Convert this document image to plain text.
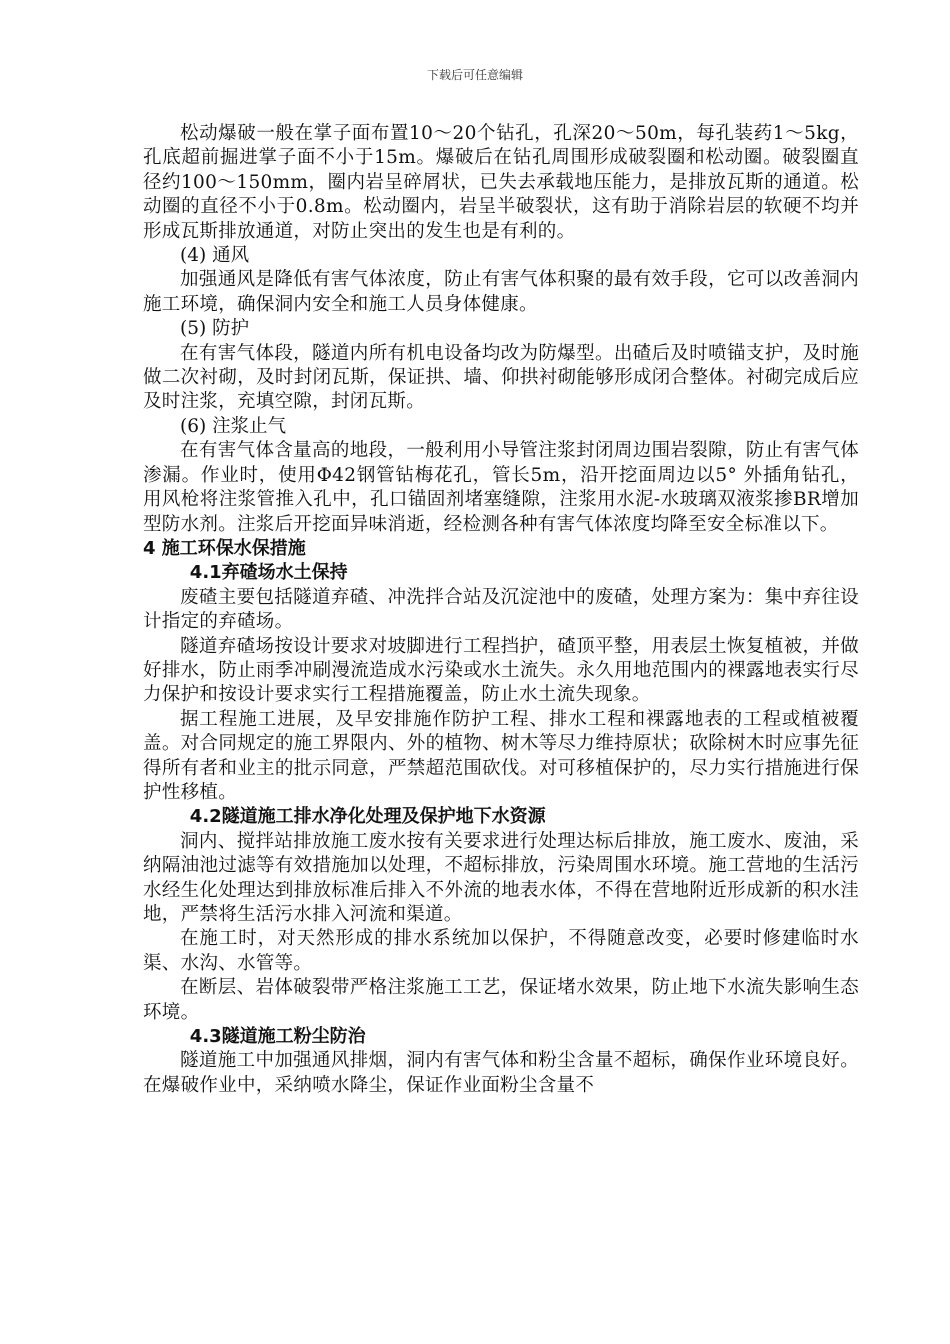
下载后可任意编辑

松动爆破一般在掌子面布置10～20个钻孔，孔深20～50m，每孔装药1～5kg，孔底超前掘进掌子面不小于15m。爆破后在钻孔周围形成破裂圈和松动圈。破裂圈直径约100～150mm，圈内岩呈碎屑状，已失去承载地压能力，是排放瓦斯的通道。松动圈的直径不小于0.8m。松动圈内，岩呈半破裂状，这有助于消除岩层的软硬不均并形成瓦斯排放通道，对防止突出的发生也是有利的。

(4) 通风

加强通风是降低有害气体浓度，防止有害气体积聚的最有效手段，它可以改善洞内施工环境，确保洞内安全和施工人员身体健康。

(5) 防护

在有害气体段，隧道内所有机电设备均改为防爆型。出碴后及时喷锚支护，及时施做二次衬砌，及时封闭瓦斯，保证拱、墙、仰拱衬砌能够形成闭合整体。衬砌完成后应及时注浆，充填空隙，封闭瓦斯。

(6) 注浆止气

在有害气体含量高的地段，一般利用小导管注浆封闭周边围岩裂隙，防止有害气体渗漏。作业时，使用Φ42钢管钻梅花孔，管长5m，沿开挖面周边以5° 外插角钻孔，用风枪将注浆管推入孔中，孔口锚固剂堵塞缝隙，注浆用水泥-水玻璃双液浆掺BR增加型防水剂。注浆后开挖面异味消逝，经检测各种有害气体浓度均降至安全标准以下。

4 施工环保水保措施

4.1弃碴场水土保持

废碴主要包括隧道弃碴、冲洗拌合站及沉淀池中的废碴，处理方案为：集中弃往设计指定的弃碴场。

隧道弃碴场按设计要求对坡脚进行工程挡护，碴顶平整，用表层土恢复植被，并做好排水，防止雨季冲刷漫流造成水污染或水土流失。永久用地范围内的裸露地表实行尽力保护和按设计要求实行工程措施覆盖，防止水土流失现象。

据工程施工进展，及早安排施作防护工程、排水工程和裸露地表的工程或植被覆盖。对合同规定的施工界限内、外的植物、树木等尽力维持原状；砍除树木时应事先征得所有者和业主的批示同意，严禁超范围砍伐。对可移植保护的，尽力实行措施进行保护性移植。

4.2隧道施工排水净化处理及保护地下水资源

洞内、搅拌站排放施工废水按有关要求进行处理达标后排放，施工废水、废油，采纳隔油池过滤等有效措施加以处理，不超标排放，污染周围水环境。施工营地的生活污水经生化处理达到排放标准后排入不外流的地表水体，不得在营地附近形成新的积水洼地，严禁将生活污水排入河流和渠道。

在施工时，对天然形成的排水系统加以保护，不得随意改变，必要时修建临时水渠、水沟、水管等。

在断层、岩体破裂带严格注浆施工工艺，保证堵水效果，防止地下水流失影响生态环境。

4.3隧道施工粉尘防治

隧道施工中加强通风排烟，洞内有害气体和粉尘含量不超标，确保作业环境良好。在爆破作业中，采纳喷水降尘，保证作业面粉尘含量不
